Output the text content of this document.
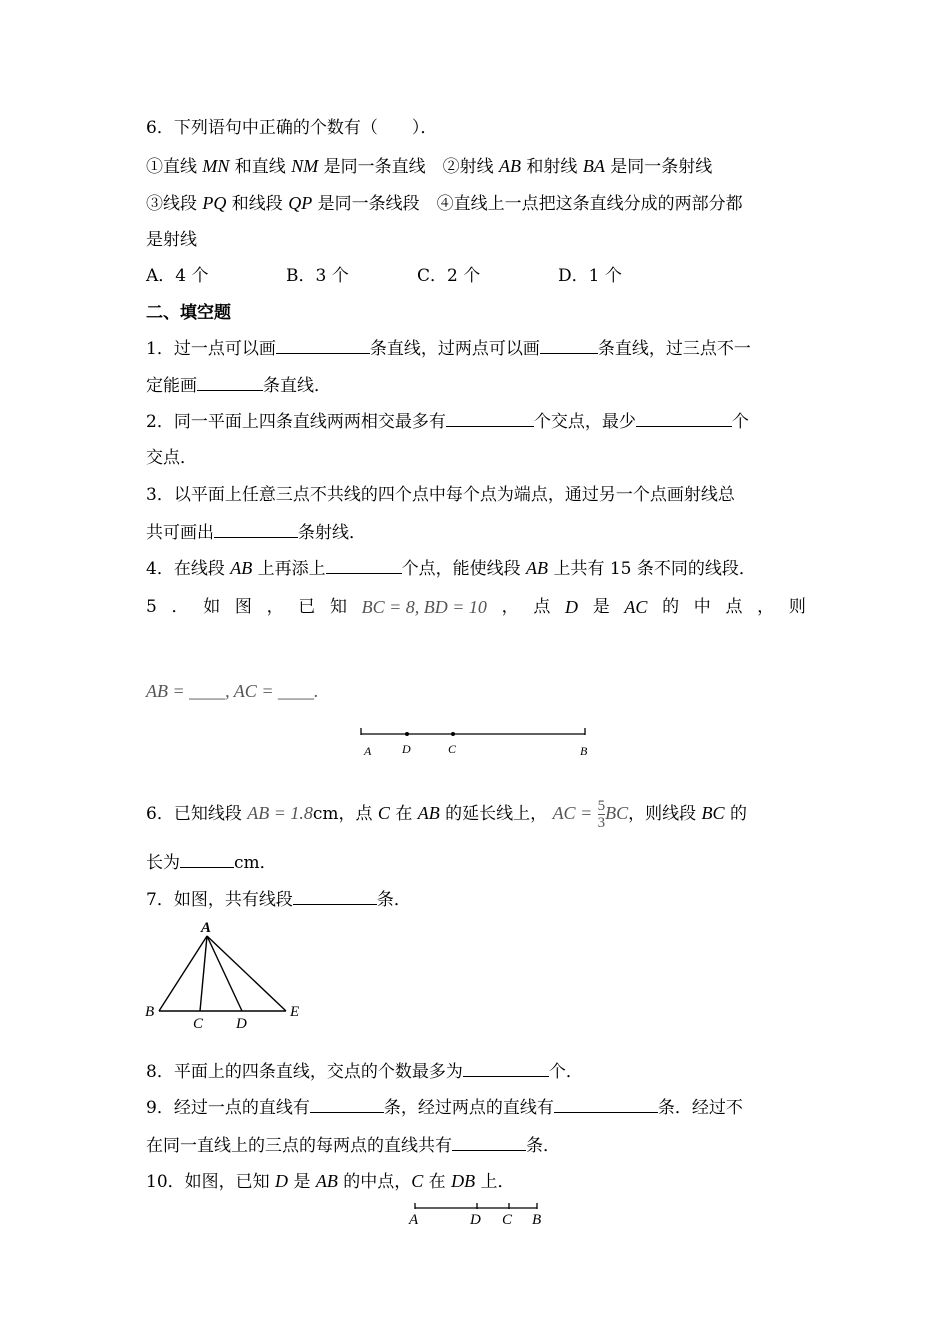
6．下列语句中正确的个数有（　　）．
①直线 MN 和直线 NM 是同一条直线　②射线 AB 和射线 BA 是同一条射线
③线段 PQ 和线段 QP 是同一条线段　④直线上一点把这条直线分成的两部分都
是射线
A．4 个	B．3 个	C．2 个	D．1 个
二、填空题
1．过一点可以画	条直线，过两点可以画	条直线，过三点不一
定能画	条直线．
2．同一平面上四条直线两两相交最多有	个交点，最少	个
交点．
3．以平面上任意三点不共线的四个点中每个点为端点，通过另一个点画射线总
共可画出	条射线．
4．在线段 AB 上再添上	个点，能使线段 AB 上共有 15 条不同的线段．
5 ． 如 图 ， 已 知 BC = 8, BD = 10 ， 点 D 是 AC 的 中 点 ， 则
AB = ____, AC = ____.
A	D	C	B
6．已知线段 AB = 1.8cm，点 C 在 AB 的延长线上， AC = $\frac{5}{3}$ BC，则线段 BC 的
长为	cm．
7．如图，共有线段	条．
A
B
C D
E
8．平面上的四条直线，交点的个数最多为	个．
9．经过一点的直线有	条，经过两点的直线有	条．经过不
在同一直线上的三点的每两点的直线共有	条．
10．如图，已知 D 是 AB 的中点，C 在 DB 上．
A	D C B
